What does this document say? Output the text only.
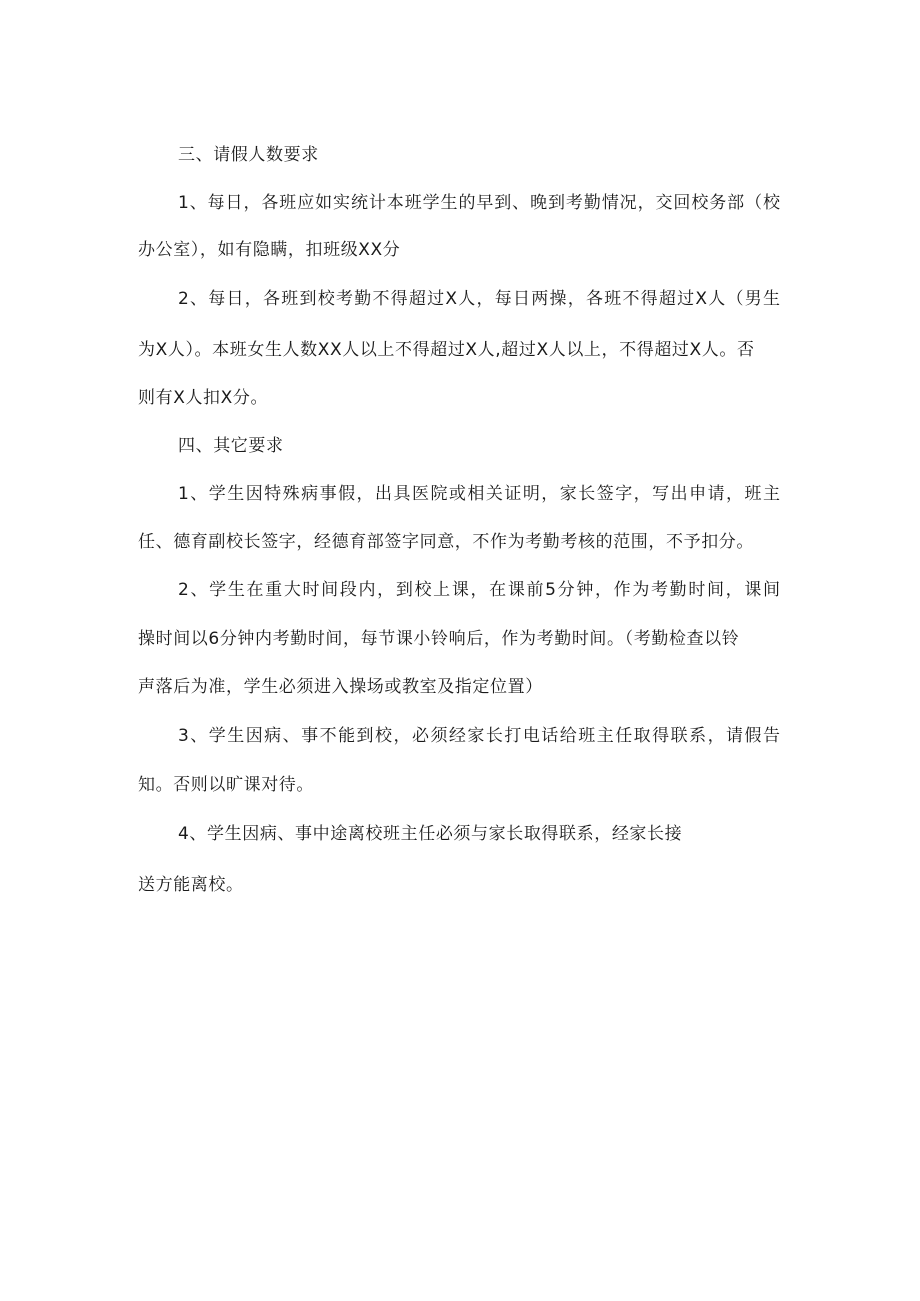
三、请假人数要求
1、每日，各班应如实统计本班学生的早到、晚到考勤情况，交回校务部（校
办公室），如有隐瞒，扣班级XX分
2、每日，各班到校考勤不得超过X人，每日两操，各班不得超过X人（男生
为X人）。本班女生人数XX人以上不得超过X人,超过X人以上，不得超过X人。否
则有X人扣X分。
四、其它要求
1、学生因特殊病事假，出具医院或相关证明，家长签字，写出申请，班主
任、德育副校长签字，经德育部签字同意，不作为考勤考核的范围，不予扣分。
2、学生在重大时间段内，到校上课，在课前5分钟，作为考勤时间，课间
操时间以6分钟内考勤时间，每节课小铃响后，作为考勤时间。（考勤检查以铃
声落后为准，学生必须进入操场或教室及指定位置）
3、学生因病、事不能到校，必须经家长打电话给班主任取得联系，请假告
知。否则以旷课对待。
4、学生因病、事中途离校班主任必须与家长取得联系，经家长接
送方能离校。
